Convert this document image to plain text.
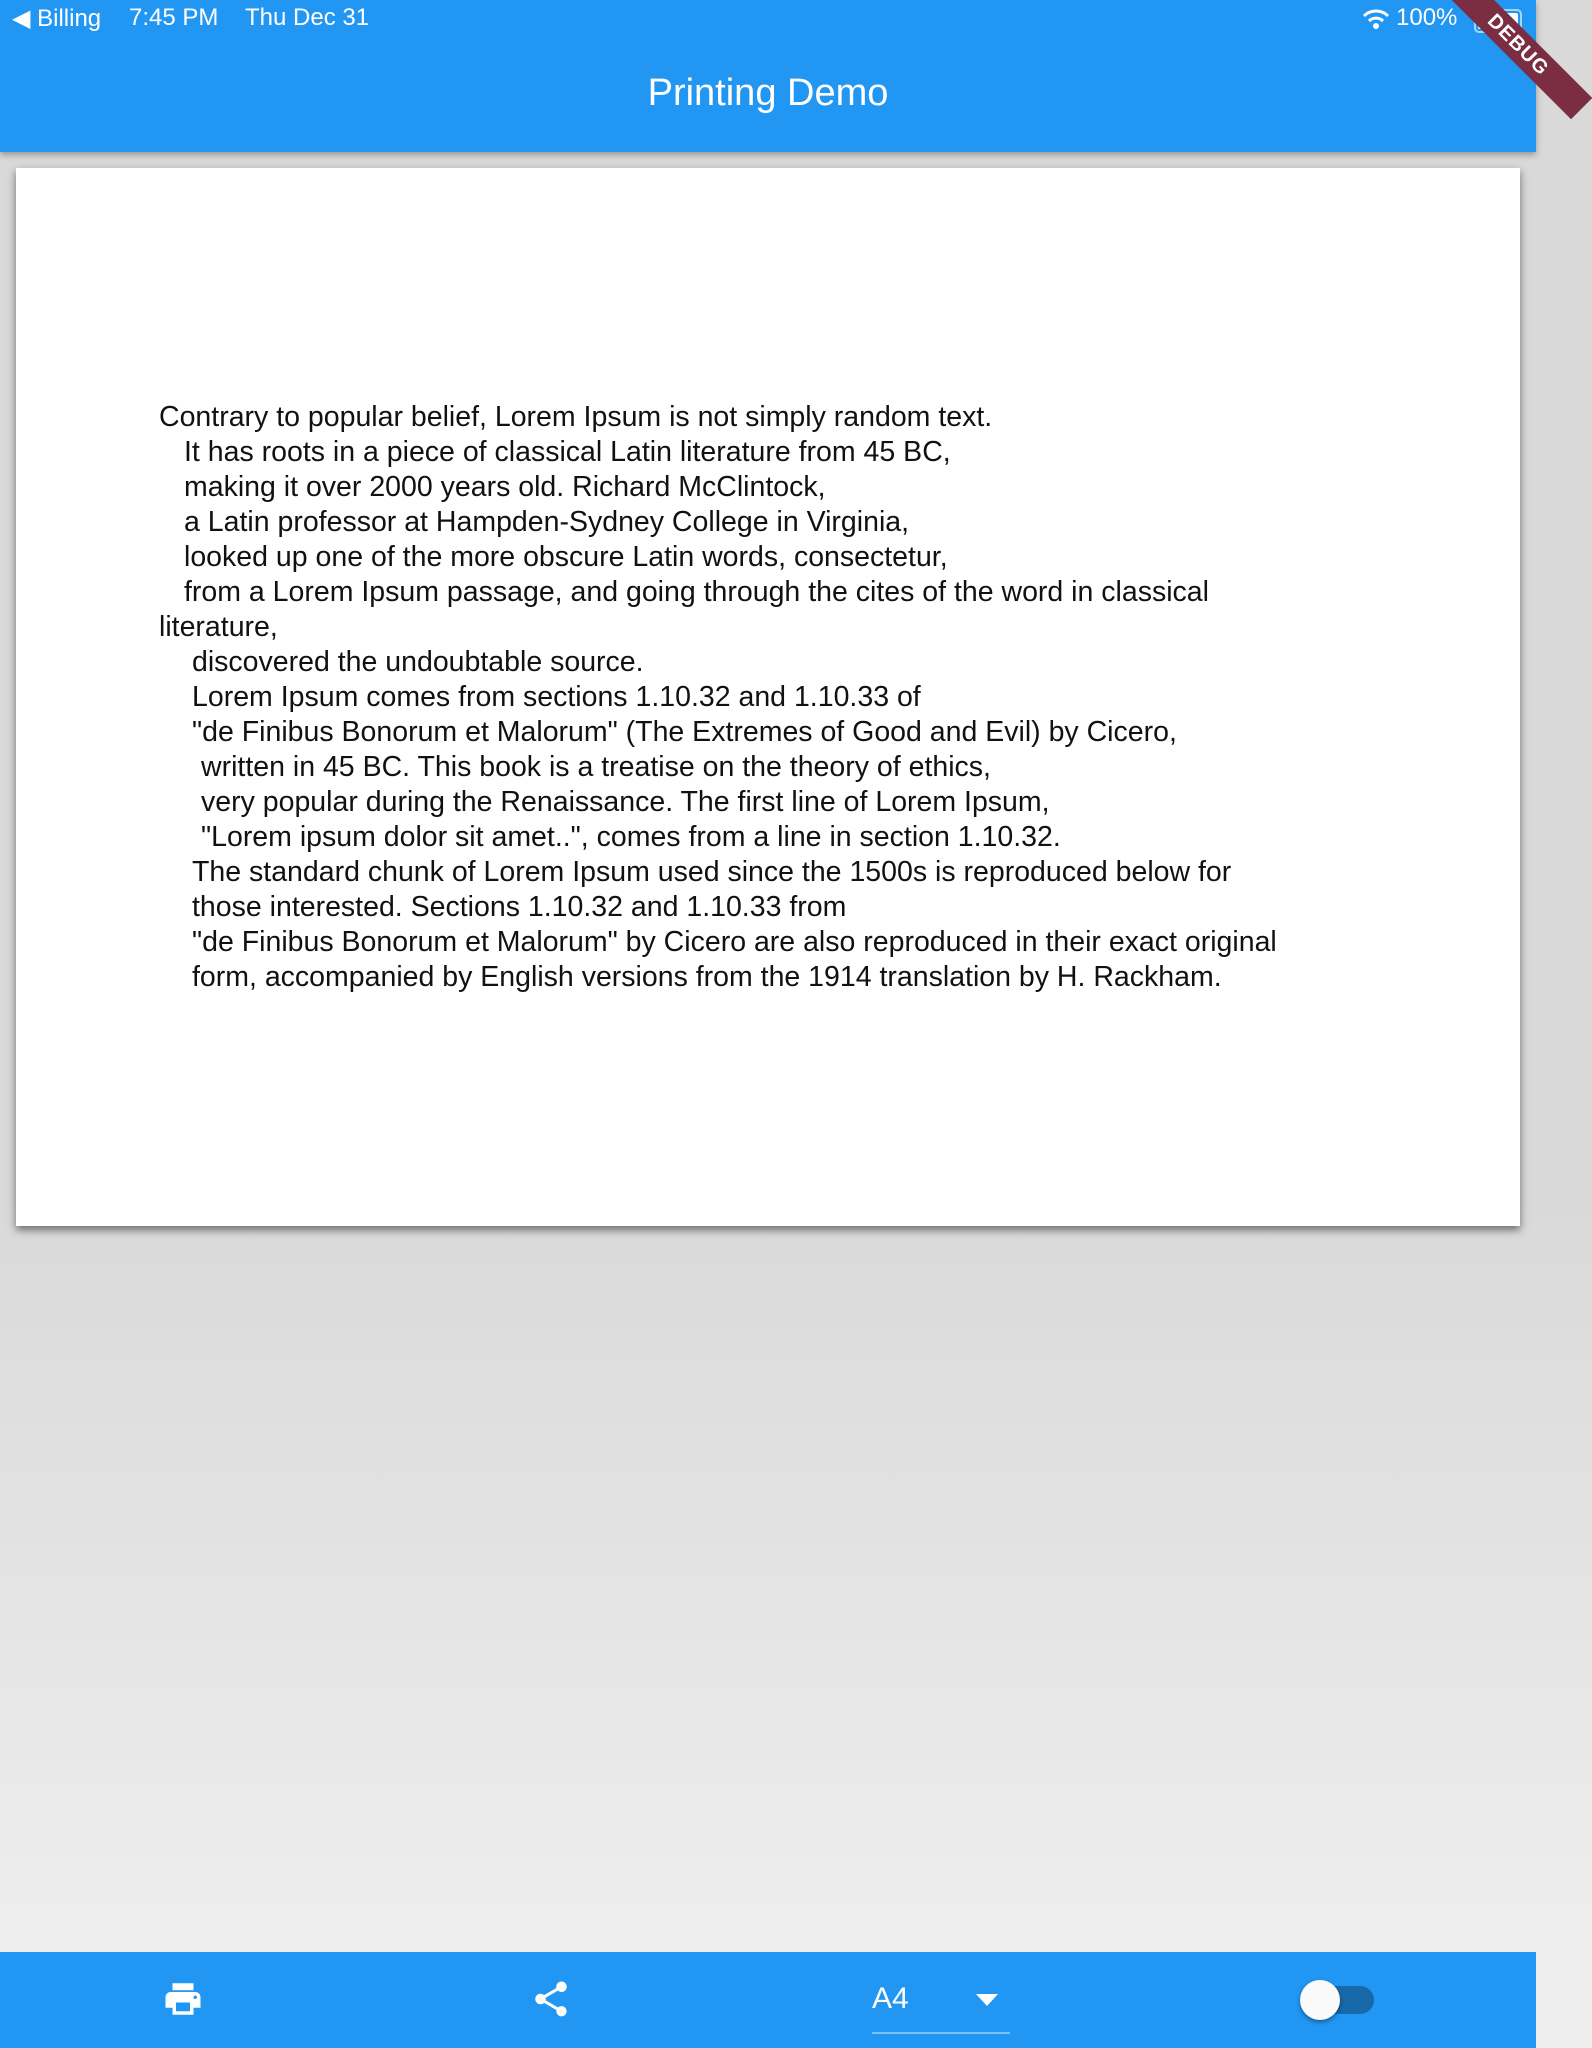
◀ Billing 7:45 PM Thu Dec 31	100%
Printing Demo
DEBUG
Contrary to popular belief, Lorem Ipsum is not simply random text.
It has roots in a piece of classical Latin literature from 45 BC,
making it over 2000 years old. Richard McClintock,
a Latin professor at Hampden-Sydney College in Virginia,
looked up one of the more obscure Latin words, consectetur,
from a Lorem Ipsum passage, and going through the cites of the word in classical
literature,
discovered the undoubtable source.
Lorem Ipsum comes from sections 1.10.32 and 1.10.33 of
"de Finibus Bonorum et Malorum" (The Extremes of Good and Evil) by Cicero,
written in 45 BC. This book is a treatise on the theory of ethics,
very popular during the Renaissance. The first line of Lorem Ipsum,
"Lorem ipsum dolor sit amet..", comes from a line in section 1.10.32.
The standard chunk of Lorem Ipsum used since the 1500s is reproduced below for
those interested. Sections 1.10.32 and 1.10.33 from
"de Finibus Bonorum et Malorum" by Cicero are also reproduced in their exact original
form, accompanied by English versions from the 1914 translation by H. Rackham.
A4
